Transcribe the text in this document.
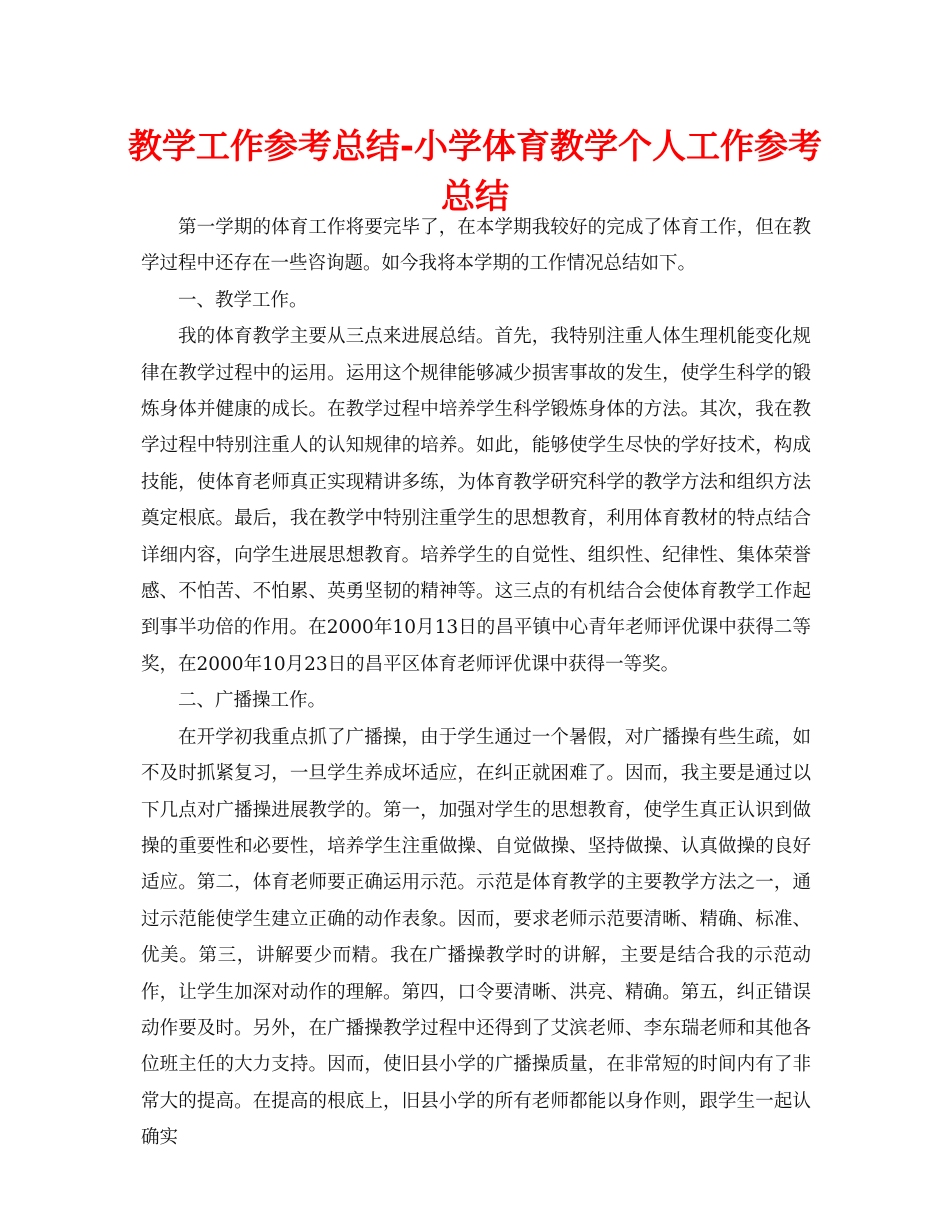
教学工作参考总结-小学体育教学个人工作参考总结

第一学期的体育工作将要完毕了，在本学期我较好的完成了体育工作，但在教学过程中还存在一些咨询题。如今我将本学期的工作情况总结如下。

一、教学工作。

我的体育教学主要从三点来进展总结。首先，我特别注重人体生理机能变化规律在教学过程中的运用。运用这个规律能够减少损害事故的发生，使学生科学的锻炼身体并健康的成长。在教学过程中培养学生科学锻炼身体的方法。其次，我在教学过程中特别注重人的认知规律的培养。如此，能够使学生尽快的学好技术，构成技能，使体育老师真正实现精讲多练，为体育教学研究科学的教学方法和组织方法奠定根底。最后，我在教学中特别注重学生的思想教育，利用体育教材的特点结合详细内容，向学生进展思想教育。培养学生的自觉性、组织性、纪律性、集体荣誉感、不怕苦、不怕累、英勇坚韧的精神等。这三点的有机结合会使体育教学工作起到事半功倍的作用。在2000年10月13日的昌平镇中心青年老师评优课中获得二等奖，在2000年10月23日的昌平区体育老师评优课中获得一等奖。

二、广播操工作。

在开学初我重点抓了广播操，由于学生通过一个暑假，对广播操有些生疏，如不及时抓紧复习，一旦学生养成坏适应，在纠正就困难了。因而，我主要是通过以下几点对广播操进展教学的。第一，加强对学生的思想教育，使学生真正认识到做操的重要性和必要性，培养学生注重做操、自觉做操、坚持做操、认真做操的良好适应。第二，体育老师要正确运用示范。示范是体育教学的主要教学方法之一，通过示范能使学生建立正确的动作表象。因而，要求老师示范要清晰、精确、标准、优美。第三，讲解要少而精。我在广播操教学时的讲解，主要是结合我的示范动作，让学生加深对动作的理解。第四，口令要清晰、洪亮、精确。第五，纠正错误动作要及时。另外，在广播操教学过程中还得到了艾滨老师、李东瑞老师和其他各位班主任的大力支持。因而，使旧县小学的广播操质量，在非常短的时间内有了非常大的提高。在提高的根底上，旧县小学的所有老师都能以身作则，跟学生一起认确实
